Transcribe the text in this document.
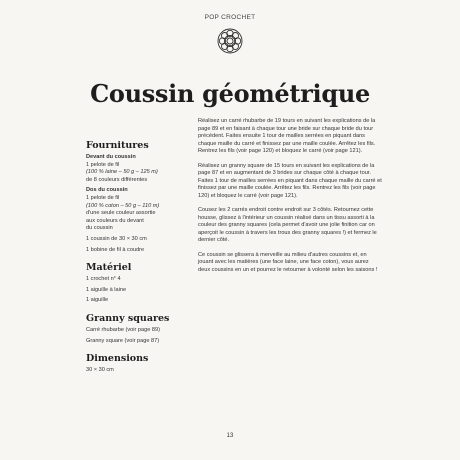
POP CROCHET
Coussin géométrique
Fournitures
Devant du coussin
1 pelote de fil
(100 % laine – 50 g – 125 m)
de 8 couleurs différentes
Dos du coussin
1 pelote de fil
(100 % coton – 50 g – 110 m)
d'une seule couleur assortie
aux couleurs du devant
du coussin
1 coussin de 30 × 30 cm
1 bobine de fil à coudre
Matériel
1 crochet n° 4
1 aiguille à laine
1 aiguille
Granny squares
Carré rhubarbe (voir page 89)
Granny square (voir page 87)
Dimensions
30 × 30 cm

Réalisez un carré rhubarbe de 19 tours en suivant les explications de la page 89 et en faisant à chaque tour une bride sur chaque bride du tour précédent. Faites ensuite 1 tour de mailles serrées en piquant dans chaque maille du carré et finissez par une maille coulée. Arrêtez les fils. Rentrez les fils (voir page 120) et bloquez le carré (voir page 121).

Réalisez un granny square de 15 tours en suivant les explications de la page 87 et en augmentant de 3 brides sur chaque côté à chaque tour. Faites 1 tour de mailles serrées en piquant dans chaque maille du carré et finissez par une maille coulée. Arrêtez les fils. Rentrez les fils (voir page 120) et bloquez le carré (voir page 121).

Cousez les 2 carrés endroit contre endroit sur 3 côtés. Retournez cette housse, glissez à l'intérieur un coussin réalisé dans un tissu assorti à la couleur des granny squares (cela permet d'avoir une jolie finition car on aperçoit le coussin à travers les trous des granny squares !) et fermez le dernier côté.

Ce coussin se glissera à merveille au milieu d'autres coussins et, en jouant avec les matières (une face laine, une face coton), vous aurez deux coussins en un et pourrez le retourner à volonté selon les saisons !

13
